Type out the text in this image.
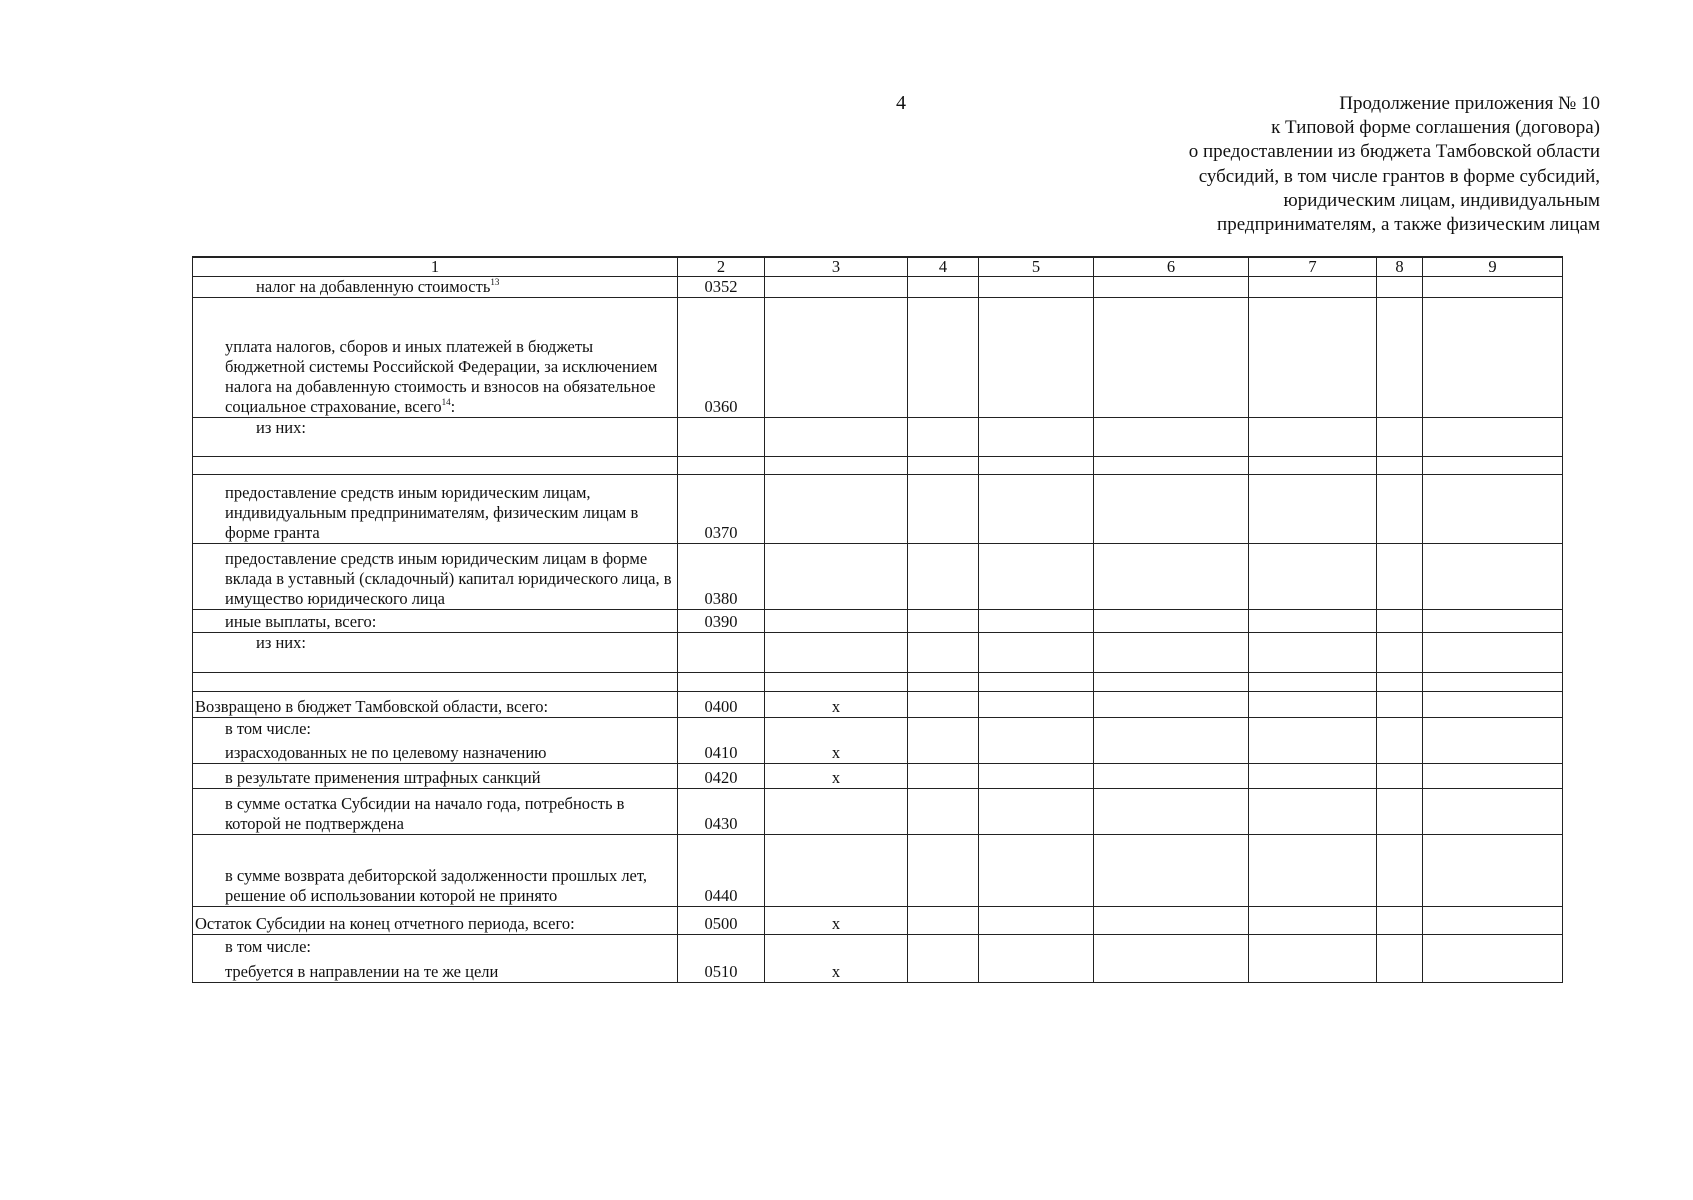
4	Продолжение приложения № 10
к Типовой форме соглашения (договора)
о предоставлении из бюджета Тамбовской области
субсидий, в том числе грантов в форме субсидий,
юридическим лицам, индивидуальным
предпринимателям, а также физическим лицам
1	2	3	4	5	6	7	8	9
налог на добавленную стоимость$^{13}$	0352							
уплата налогов, сборов и иных платежей в бюджеты бюджетной системы Российской Федерации, за исключением налога на добавленную стоимость и взносов на обязательное социальное страхование, всего$^{14}$:	0360							
из них:								

предоставление средств иным юридическим лицам, индивидуальным предпринимателям, физическим лицам в форме гранта	0370							
предоставление средств иным юридическим лицам в форме вклада в уставный (складочный) капитал юридического лица, в имущество юридического лица	0380							
иные выплаты, всего:	0390							
из них:								

Возвращено в бюджет Тамбовской области, всего:	0400	x						

в том числе:
израсходованных не по целевому назначению	0410	x						
в результате применения штрафных санкций	0420	x						
в сумме остатка Субсидии на начало года, потребность в которой не подтверждена	0430							
в сумме возврата дебиторской задолженности прошлых лет, решение об использовании которой не принято	0440							
Остаток Субсидии на конец отчетного периода, всего:	0500	x						

в том числе:
требуется в направлении на те же цели	0510	x						
